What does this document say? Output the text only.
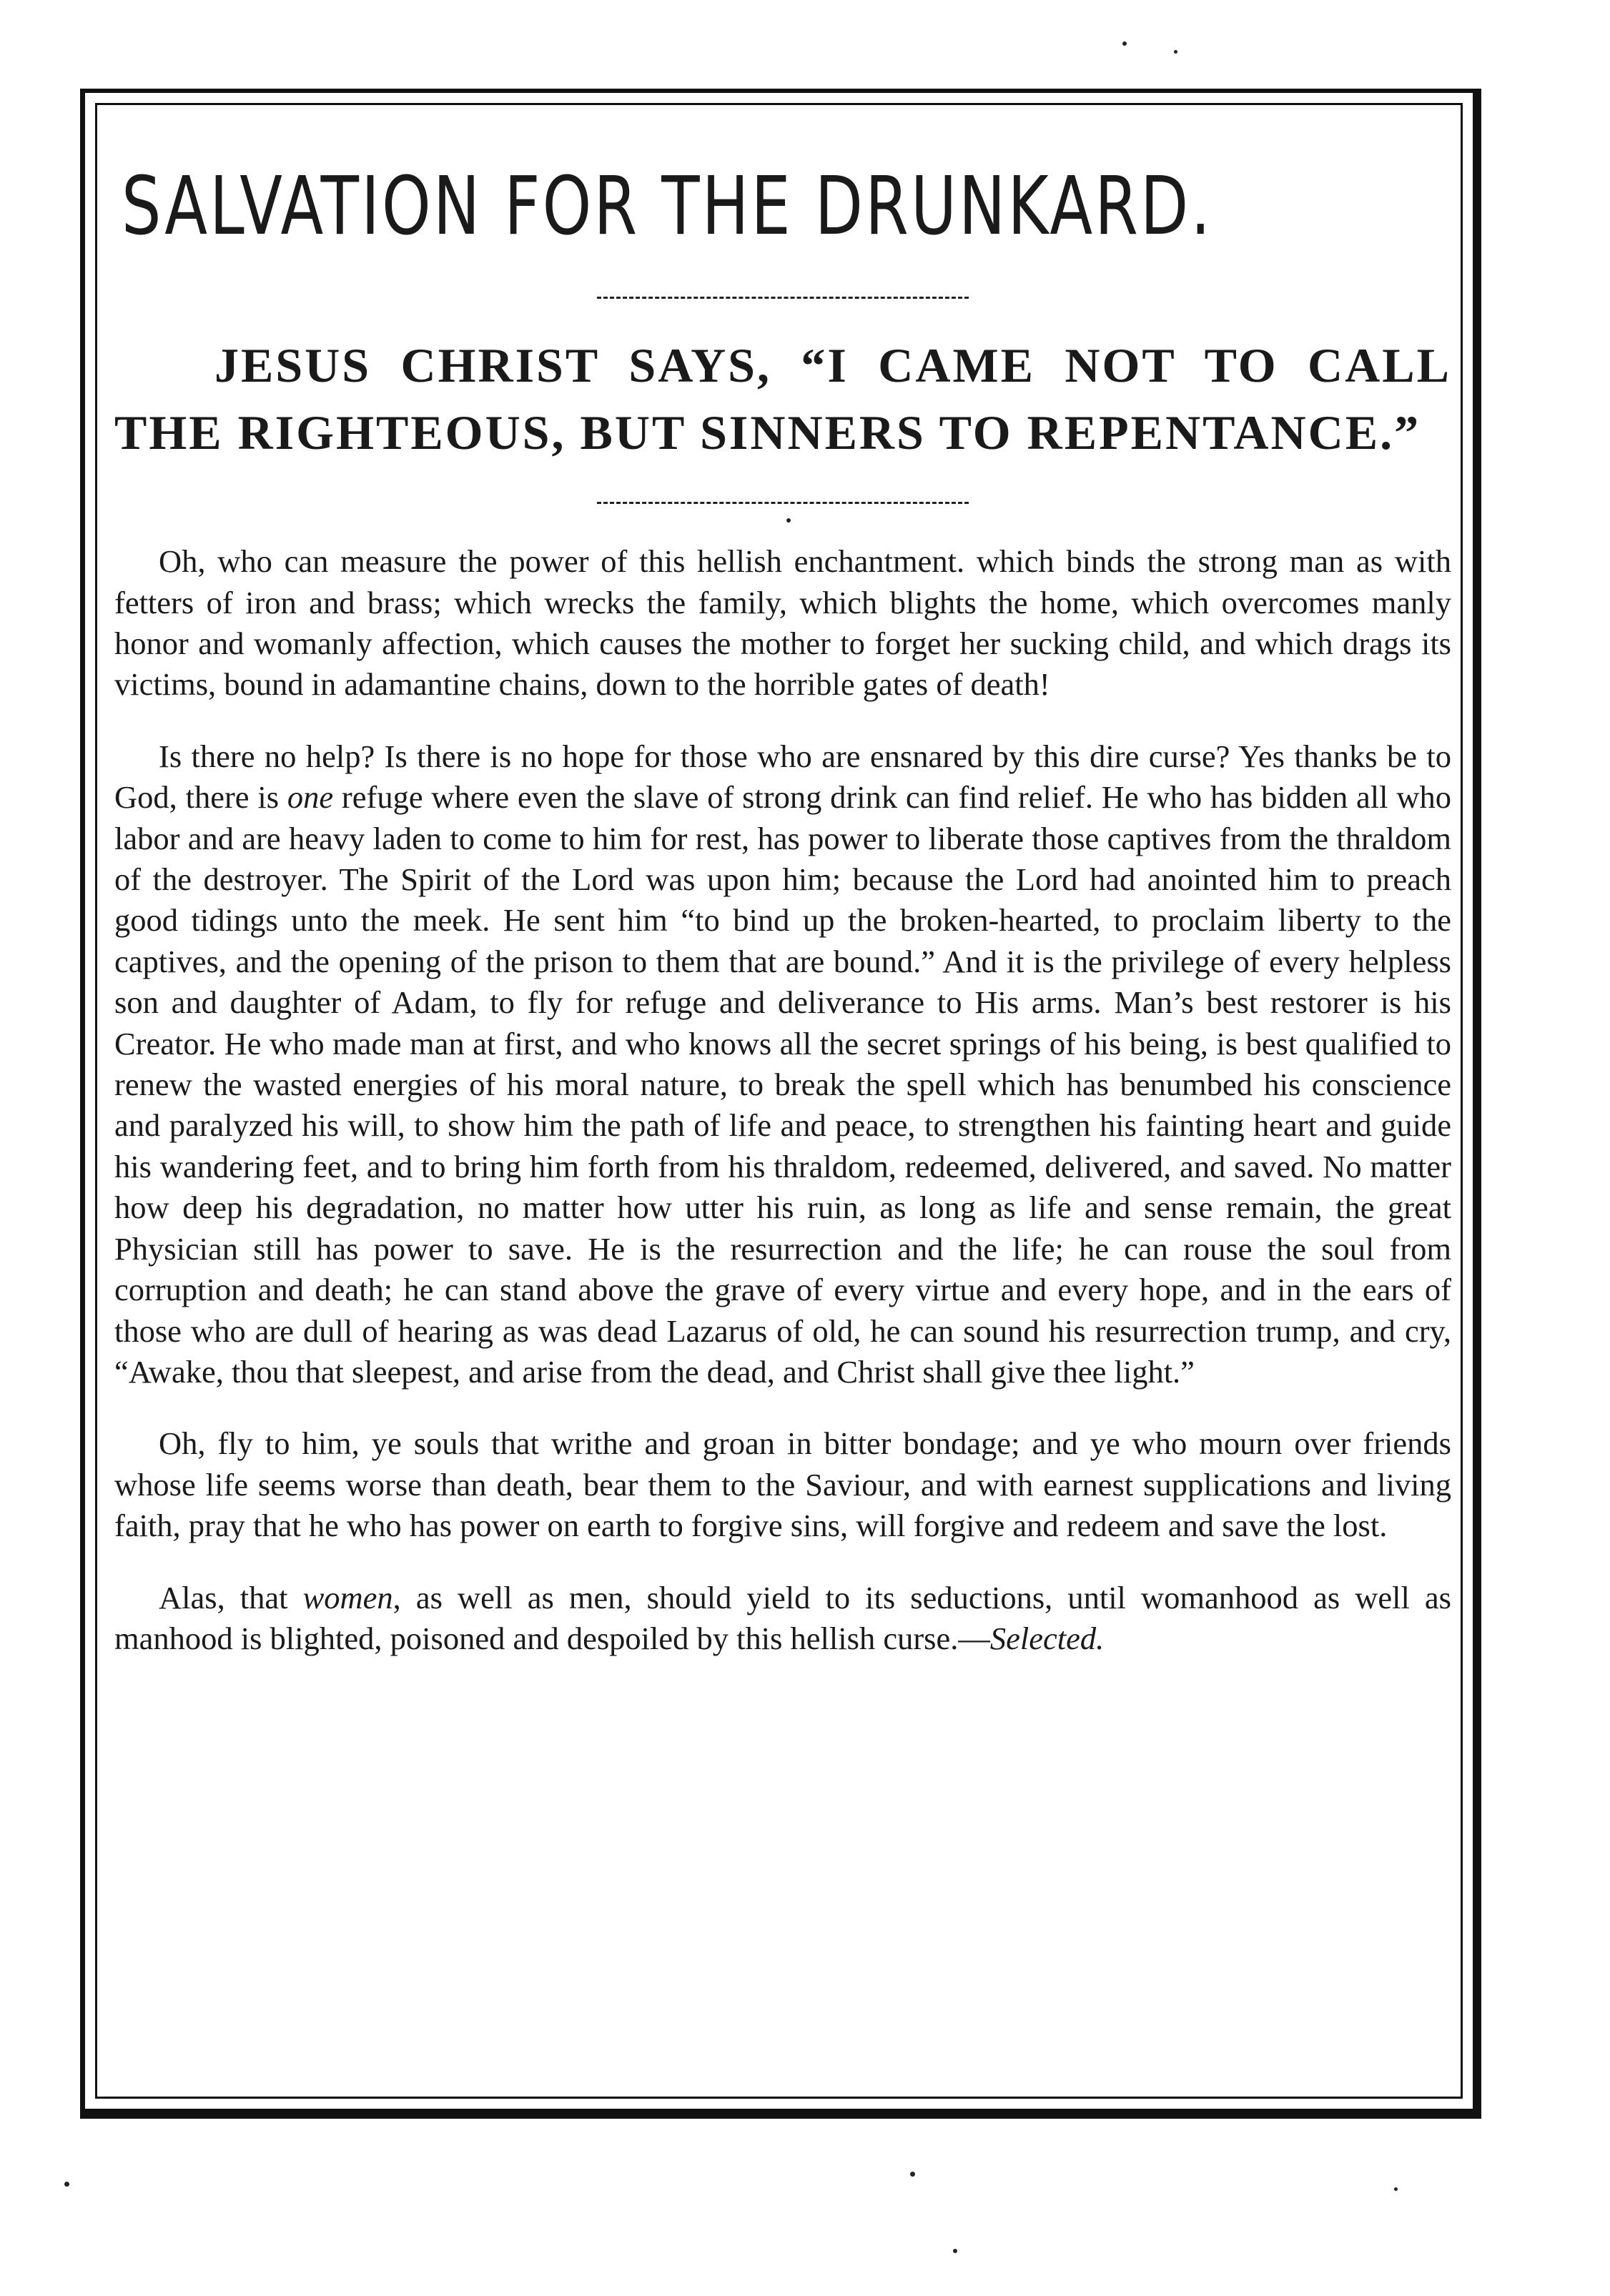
SALVATION FOR THE DRUNKARD.
JESUS CHRIST SAYS, “I CAME NOT TO CALL THE RIGHTEOUS, BUT SINNERS TO REPENTANCE.”

Oh, who can measure the power of this hellish enchantment. which binds the strong man as with fetters of iron and brass; which wrecks the family, which blights the home, which overcomes manly honor and womanly affection, which causes the mother to forget her sucking child, and which drags its victims, bound in adamantine chains, down to the horrible gates of death!

Is there no help? Is there is no hope for those who are ensnared by this dire curse? Yes thanks be to God, there is one refuge where even the slave of strong drink can find relief. He who has bidden all who labor and are heavy laden to come to him for rest, has power to liberate those captives from the thraldom of the destroyer. The Spirit of the Lord was upon him; because the Lord had anointed him to preach good tidings unto the meek. He sent him “to bind up the broken-hearted, to proclaim liberty to the captives, and the opening of the prison to them that are bound.” And it is the privilege of every helpless son and daughter of Adam, to fly for refuge and deliverance to His arms. Man’s best restorer is his Creator. He who made man at first, and who knows all the secret springs of his being, is best qualified to renew the wasted energies of his moral nature, to break the spell which has benumbed his conscience and paralyzed his will, to show him the path of life and peace, to strengthen his fainting heart and guide his wandering feet, and to bring him forth from his thraldom, redeemed, delivered, and saved. No matter how deep his degradation, no matter how utter his ruin, as long as life and sense remain, the great Physician still has power to save. He is the resurrection and the life; he can rouse the soul from corruption and death; he can stand above the grave of every virtue and every hope, and in the ears of those who are dull of hearing as was dead Lazarus of old, he can sound his resurrection trump, and cry, “Awake, thou that sleepest, and arise from the dead, and Christ shall give thee light.”

Oh, fly to him, ye souls that writhe and groan in bitter bondage; and ye who mourn over friends whose life seems worse than death, bear them to the Saviour, and with earnest supplications and living faith, pray that he who has power on earth to forgive sins, will forgive and redeem and save the lost.

Alas, that women, as well as men, should yield to its seductions, until womanhood as well as manhood is blighted, poisoned and despoiled by this hellish curse.—Selected.
